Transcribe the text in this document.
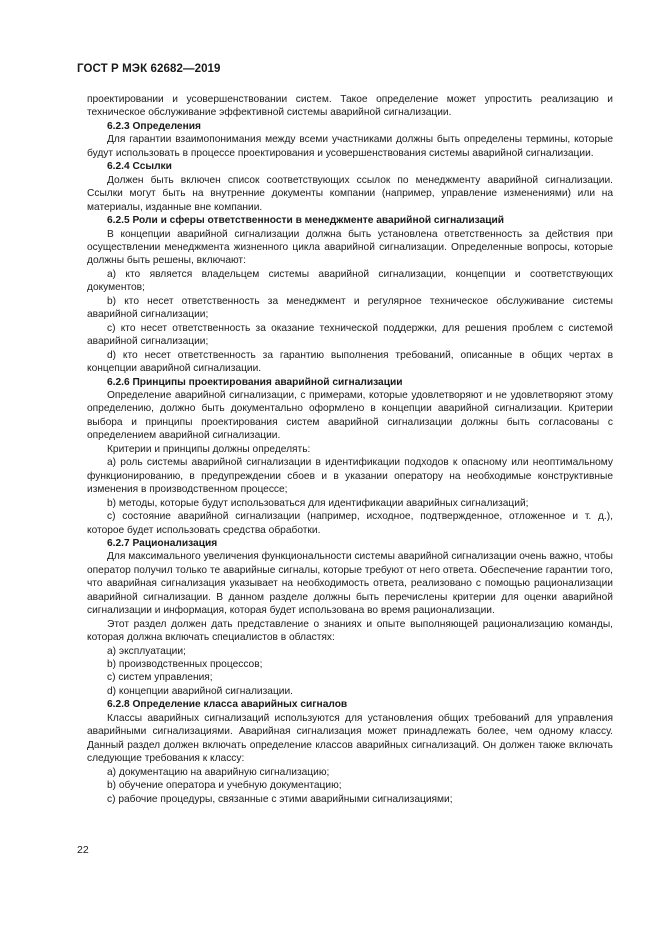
ГОСТ Р МЭК 62682—2019

проектировании и усовершенствовании систем. Такое определение может упростить реализацию и техническое обслуживание эффективной системы аварийной сигнализации.

6.2.3 Определения

Для гарантии взаимопонимания между всеми участниками должны быть определены термины, которые будут использовать в процессе проектирования и усовершенствования системы аварийной сигнализации.

6.2.4 Ссылки

Должен быть включен список соответствующих ссылок по менеджменту аварийной сигнализации. Ссылки могут быть на внутренние документы компании (например, управление изменениями) или на материалы, изданные вне компании.

6.2.5 Роли и сферы ответственности в менеджменте аварийной сигнализаций

В концепции аварийной сигнализации должна быть установлена ответственность за действия при осуществлении менеджмента жизненного цикла аварийной сигнализации. Определенные вопросы, которые должны быть решены, включают:

а) кто является владельцем системы аварийной сигнализации, концепции и соответствующих документов;

b) кто несет ответственность за менеджмент и регулярное техническое обслуживание системы аварийной сигнализации;

c) кто несет ответственность за оказание технической поддержки, для решения проблем с системой аварийной сигнализации;

d) кто несет ответственность за гарантию выполнения требований, описанные в общих чертах в концепции аварийной сигнализации.

6.2.6 Принципы проектирования аварийной сигнализации

Определение аварийной сигнализации, с примерами, которые удовлетворяют и не удовлетворяют этому определению, должно быть документально оформлено в концепции аварийной сигнализации. Критерии выбора и принципы проектирования систем аварийной сигнализации должны быть согласованы с определением аварийной сигнализации.

Критерии и принципы должны определять:

а) роль системы аварийной сигнализации в идентификации подходов к опасному или неоптимальному функционированию, в предупреждении сбоев и в указании оператору на необходимые конструктивные изменения в производственном процессе;

b) методы, которые будут использоваться для идентификации аварийных сигнализаций;

c) состояние аварийной сигнализации (например, исходное, подтвержденное, отложенное и т. д.), которое будет использовать средства обработки.

6.2.7 Рационализация

Для максимального увеличения функциональности системы аварийной сигнализации очень важно, чтобы оператор получил только те аварийные сигналы, которые требуют от него ответа. Обеспечение гарантии того, что аварийная сигнализация указывает на необходимость ответа, реализовано с помощью рационализации аварийной сигнализации. В данном разделе должны быть перечислены критерии для оценки аварийной сигнализации и информация, которая будет использована во время рационализации.

Этот раздел должен дать представление о знаниях и опыте выполняющей рационализацию команды, которая должна включать специалистов в областях:

а) эксплуатации;

b) производственных процессов;

c) систем управления;

d) концепции аварийной сигнализации.

6.2.8 Определение класса аварийных сигналов

Классы аварийных сигнализаций используются для установления общих требований для управления аварийными сигнализациями. Аварийная сигнализация может принадлежать более, чем одному классу. Данный раздел должен включать определение классов аварийных сигнализаций. Он должен также включать следующие требования к классу:

а) документацию на аварийную сигнализацию;

b) обучение оператора и учебную документацию;

c) рабочие процедуры, связанные с этими аварийными сигнализациями;

22
